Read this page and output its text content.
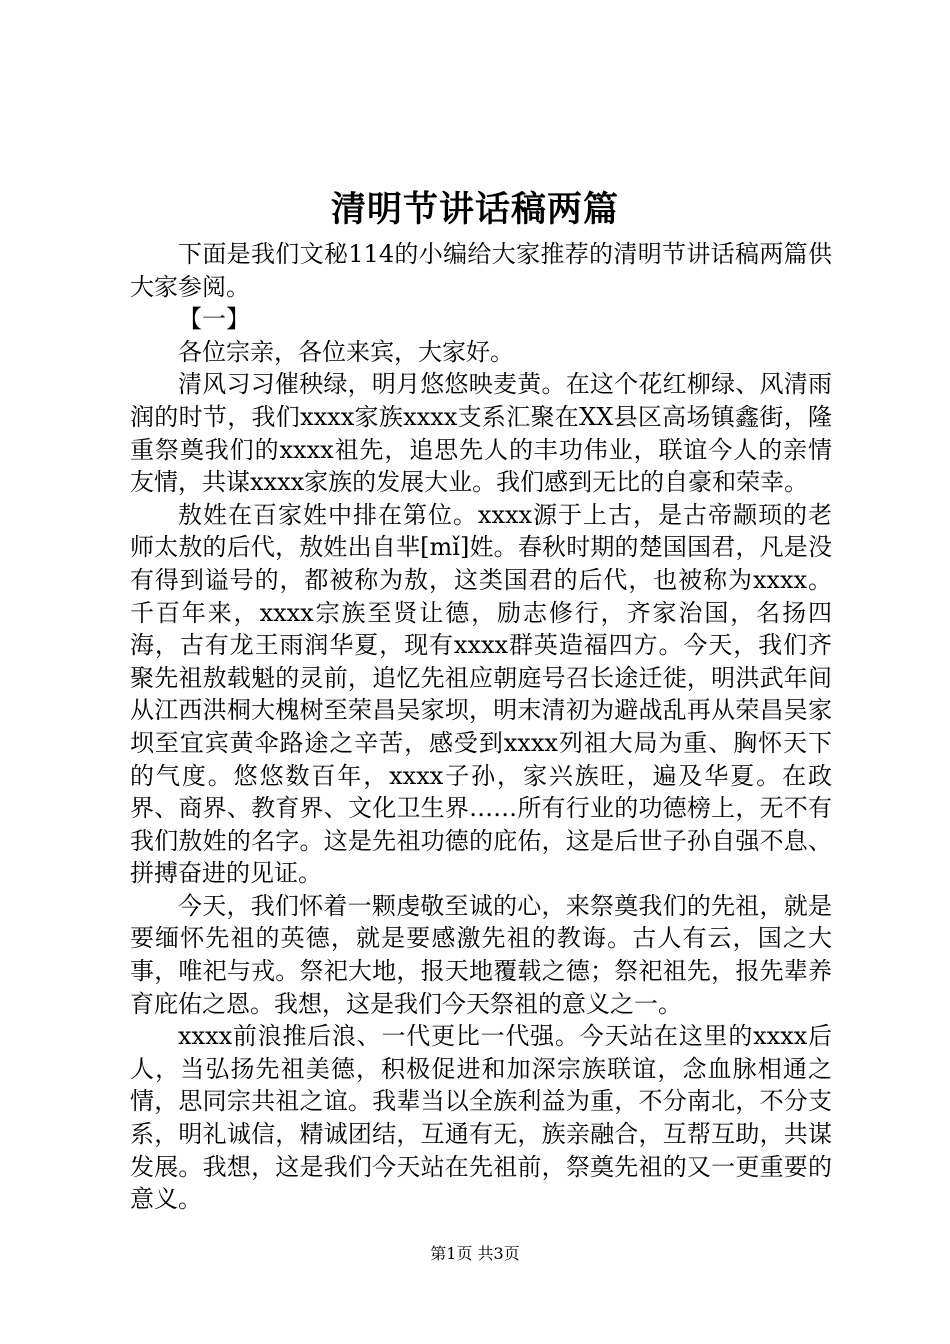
清明节讲话稿两篇

下面是我们文秘114的小编给大家推荐的清明节讲话稿两篇供大家参阅。

【一】

各位宗亲，各位来宾，大家好。

清风习习催秧绿，明月悠悠映麦黄。在这个花红柳绿、风清雨润的时节，我们xxxx家族xxxx支系汇聚在XX县区高场镇鑫街，隆重祭奠我们的xxxx祖先，追思先人的丰功伟业，联谊今人的亲情友情，共谋xxxx家族的发展大业。我们感到无比的自豪和荣幸。

敖姓在百家姓中排在第位。xxxx源于上古，是古帝颛顼的老师太敖的后代，敖姓出自芈[mǐ]姓。春秋时期的楚国国君，凡是没有得到谥号的，都被称为敖，这类国君的后代，也被称为xxxx。千百年来，xxxx宗族至贤让德，励志修行，齐家治国，名扬四海，古有龙王雨润华夏，现有xxxx群英造福四方。今天，我们齐聚先祖敖载魁的灵前，追忆先祖应朝庭号召长途迁徙，明洪武年间从江西洪桐大槐树至荣昌吴家坝，明末清初为避战乱再从荣昌吴家坝至宜宾黄伞路途之辛苦，感受到xxxx列祖大局为重、胸怀天下的气度。悠悠数百年，xxxx子孙，家兴族旺，遍及华夏。在政界、商界、教育界、文化卫生界……所有行业的功德榜上，无不有我们敖姓的名字。这是先祖功德的庇佑，这是后世子孙自强不息、拼搏奋进的见证。

今天，我们怀着一颗虔敬至诚的心，来祭奠我们的先祖，就是要缅怀先祖的英德，就是要感激先祖的教诲。古人有云，国之大事，唯祀与戎。祭祀大地，报天地覆载之德；祭祀祖先，报先辈养育庇佑之恩。我想，这是我们今天祭祖的意义之一。

xxxx前浪推后浪、一代更比一代强。今天站在这里的xxxx后人，当弘扬先祖美德，积极促进和加深宗族联谊，念血脉相通之情，思同宗共祖之谊。我辈当以全族利益为重，不分南北，不分支系，明礼诚信，精诚团结，互通有无，族亲融合，互帮互助，共谋发展。我想，这是我们今天站在先祖前，祭奠先祖的又一更重要的意义。

第1页 共3页
